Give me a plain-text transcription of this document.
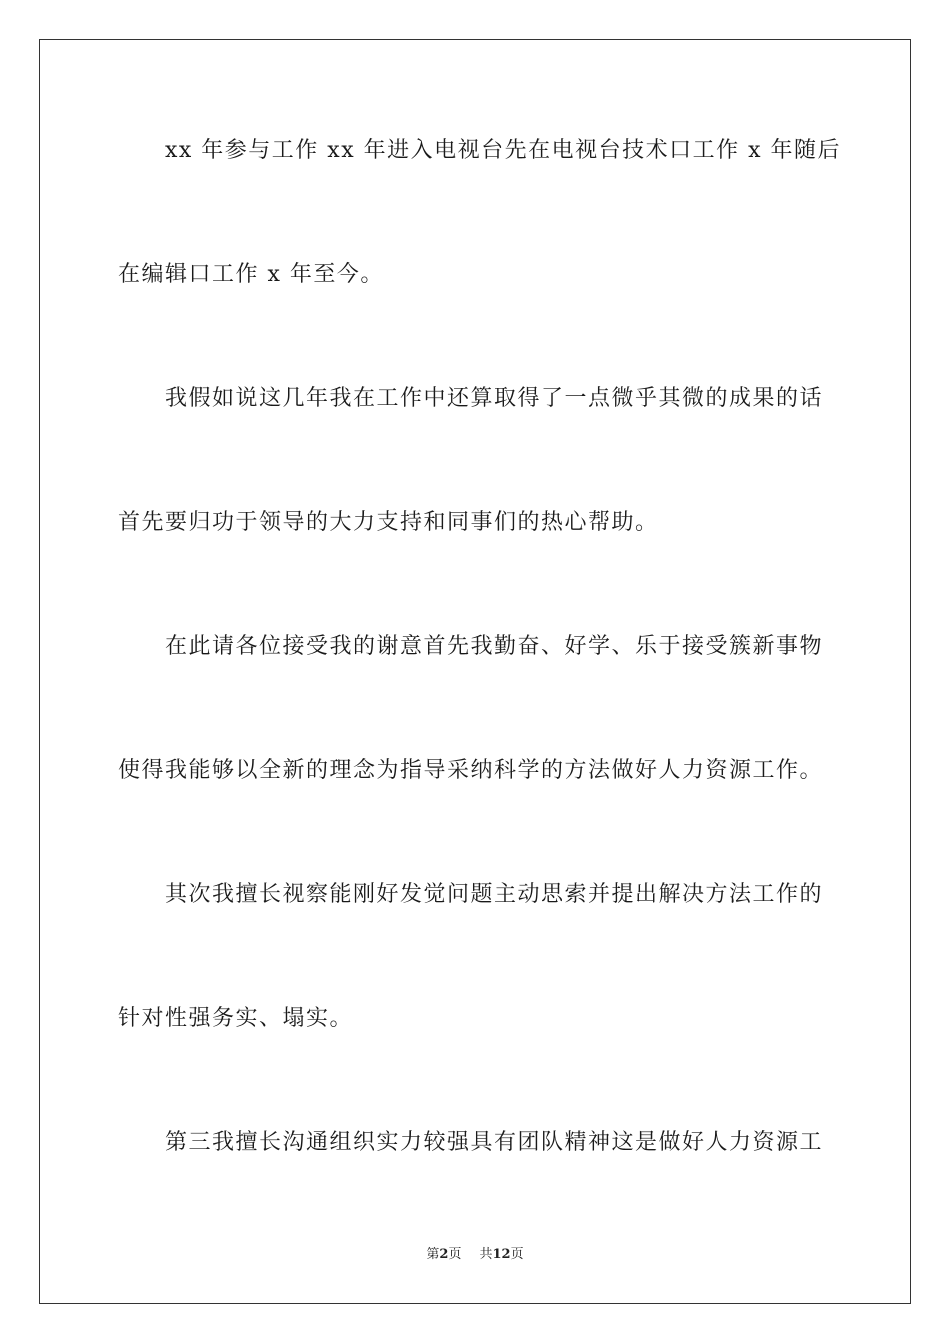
xx 年参与工作 xx 年进入电视台先在电视台技术口工作 x 年随后
在编辑口工作 x 年至今。
我假如说这几年我在工作中还算取得了一点微乎其微的成果的话
首先要归功于领导的大力支持和同事们的热心帮助。
在此请各位接受我的谢意首先我勤奋、好学、乐于接受簇新事物
使得我能够以全新的理念为指导采纳科学的方法做好人力资源工作。
其次我擅长视察能刚好发觉问题主动思索并提出解决方法工作的
针对性强务实、塌实。
第三我擅长沟通组织实力较强具有团队精神这是做好人力资源工
第2页 共12页
